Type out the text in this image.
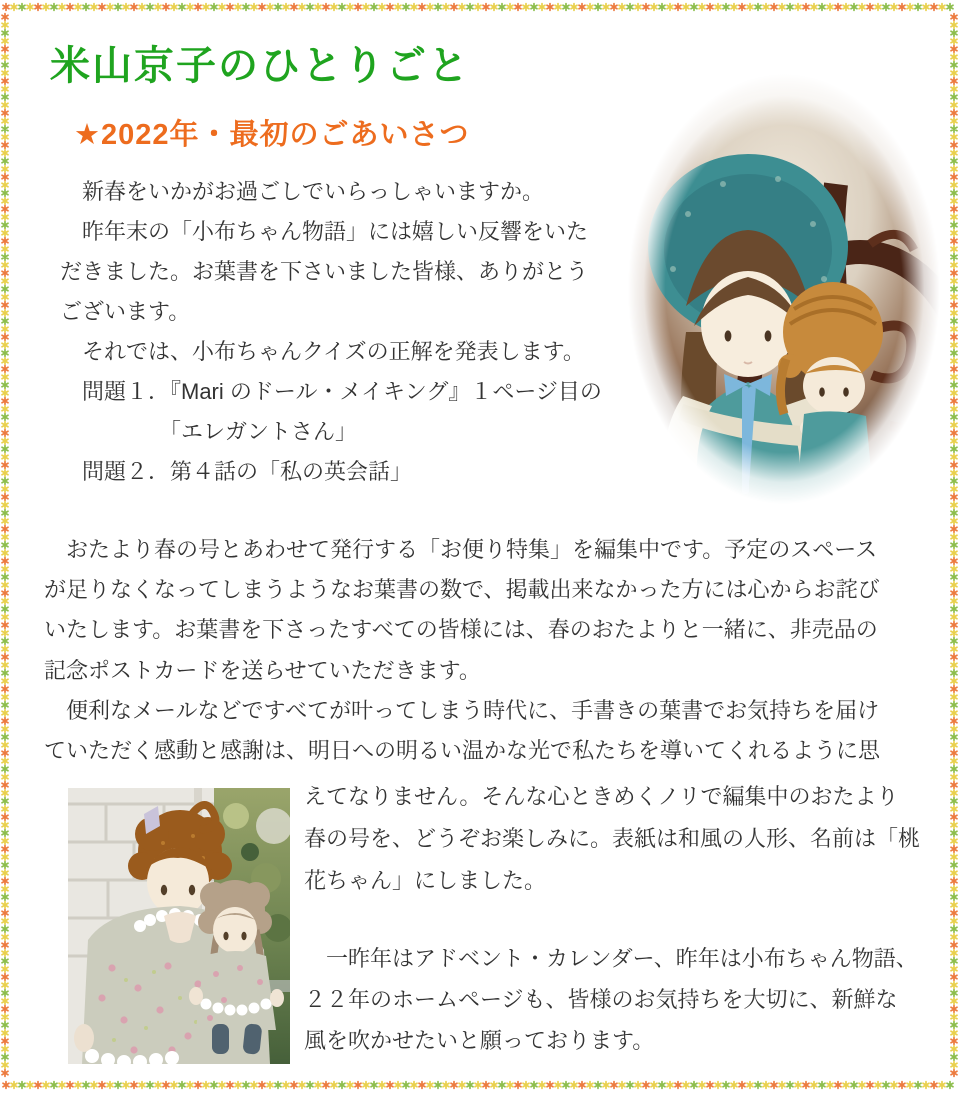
米山京子のひとりごと
★2022年・最初のごあいさつ
　新春をいかがお過ごしでいらっしゃいますか。
　昨年末の「小布ちゃん物語」には嬉しい反響をいた
だきました。お葉書を下さいました皆様、ありがとう
ございます。
　それでは、小布ちゃんクイズの正解を発表します。
　問題１．『Mari のドール・メイキング』１ページ目の
　　　　　「エレガントさん」
　問題２．第４話の「私の英会話」
　おたより春の号とあわせて発行する「お便り特集」を編集中です。予定のスペース
が足りなくなってしまうようなお葉書の数で、掲載出来なかった方には心からお詫び
いたします。お葉書を下さったすべての皆様には、春のおたよりと一緒に、非売品の
記念ポストカードを送らせていただきます。
　便利なメールなどですべてが叶ってしまう時代に、手書きの葉書でお気持ちを届け
ていただく感動と感謝は、明日への明るい温かな光で私たちを導いてくれるように思
えてなりません。そんな心ときめくノリで編集中のおたより
春の号を、どうぞお楽しみに。表紙は和風の人形、名前は「桃
花ちゃん」にしました。
　一昨年はアドベント・カレンダー、昨年は小布ちゃん物語、
２２年のホームページも、皆様のお気持ちを大切に、新鮮な
風を吹かせたいと願っております。
